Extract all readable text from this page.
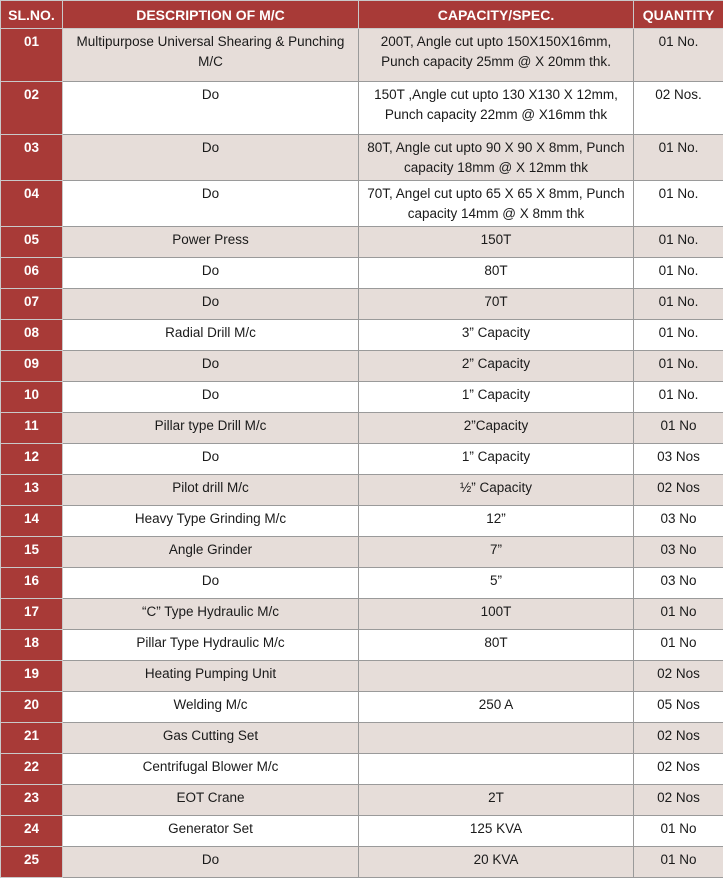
SL.NO.	DESCRIPTION OF M/C	CAPACITY/SPEC.	QUANTITY
01	Multipurpose Universal Shearing & Punching M/C	200T, Angle cut upto 150X150X16mm, Punch capacity 25mm @ X 20mm thk.	01 No.
02	Do	150T ,Angle cut upto 130 X130 X 12mm, Punch capacity 22mm @ X16mm thk	02 Nos.
03	Do	80T, Angle cut upto 90 X 90 X 8mm, Punch capacity 18mm @ X 12mm thk	01 No.
04	Do	70T, Angel cut upto 65 X 65 X 8mm, Punch capacity 14mm @ X 8mm thk	01 No.
05	Power Press	150T	01 No.
06	Do	80T	01 No.
07	Do	70T	01 No.
08	Radial Drill M/c	3” Capacity	01 No.
09	Do	2” Capacity	01 No.
10	Do	1” Capacity	01 No.
11	Pillar type Drill M/c	2”Capacity	01 No
12	Do	1” Capacity	03 Nos
13	Pilot drill M/c	½” Capacity	02 Nos
14	Heavy Type Grinding M/c	12”	03 No
15	Angle Grinder	7”	03 No
16	Do	5”	03 No
17	“C” Type Hydraulic M/c	100T	01 No
18	Pillar Type Hydraulic M/c	80T	01 No
19	Heating Pumping Unit		02 Nos
20	Welding M/c	250 A	05 Nos
21	Gas Cutting Set		02 Nos
22	Centrifugal Blower M/c		02 Nos
23	EOT Crane	2T	02 Nos
24	Generator Set	125 KVA	01 No
25	Do	20 KVA	01 No
